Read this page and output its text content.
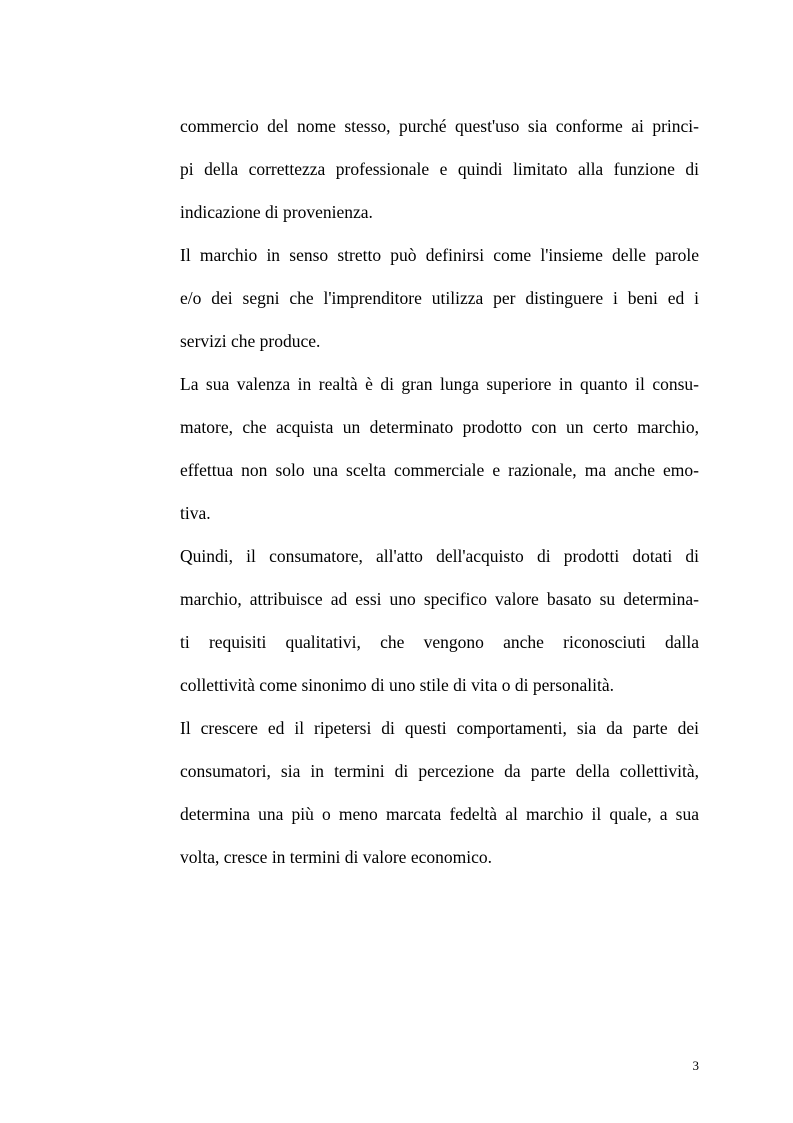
commercio del nome stesso, purché quest'uso sia conforme ai princi-
pi della correttezza professionale e quindi limitato alla funzione di
indicazione di provenienza.
Il marchio in senso stretto può definirsi come l'insieme delle parole
e/o dei segni che l'imprenditore utilizza per distinguere i beni ed i
servizi che produce.
La sua valenza in realtà è di gran lunga superiore in quanto il consu-
matore, che acquista un determinato prodotto con un certo marchio,
effettua non solo una scelta commerciale e razionale, ma anche emo-
tiva.
Quindi, il consumatore, all'atto dell'acquisto di prodotti dotati di
marchio, attribuisce ad essi uno specifico valore basato su determina-
ti requisiti qualitativi, che vengono anche riconosciuti dalla
collettività come sinonimo di uno stile di vita o di personalità.
Il crescere ed il ripetersi di questi comportamenti, sia da parte dei
consumatori, sia in termini di percezione da parte della collettività,
determina una più o meno marcata fedeltà al marchio il quale, a sua
volta, cresce in termini di valore economico.
3
